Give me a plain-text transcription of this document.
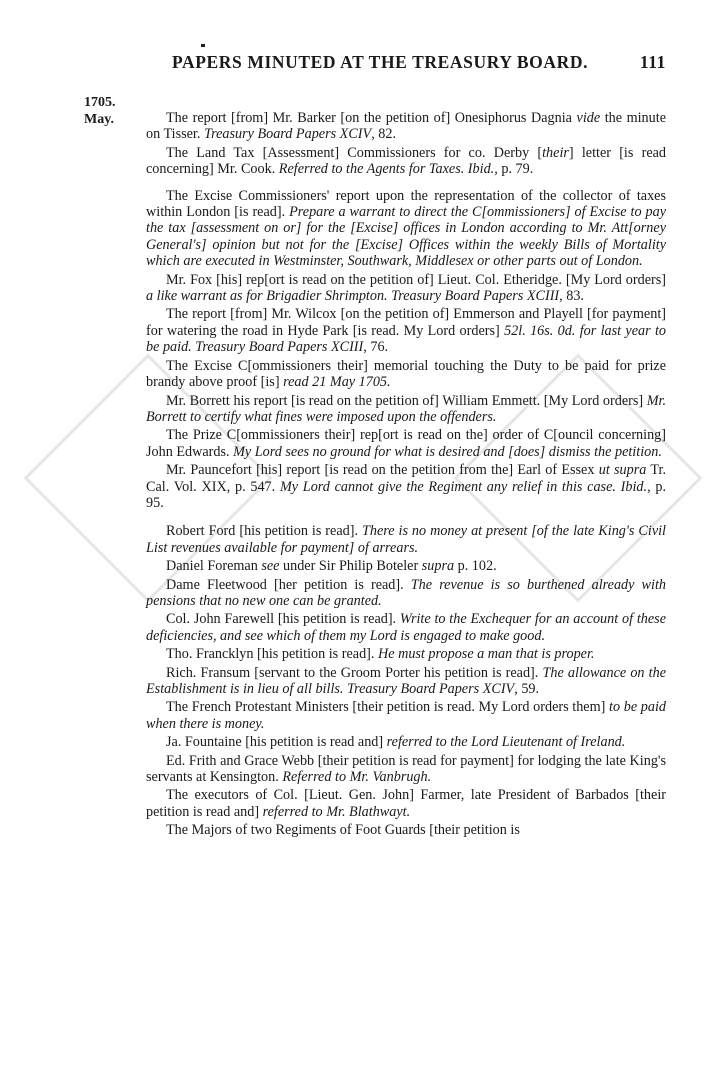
PAPERS MINUTED AT THE TREASURY BOARD.	111
1705.
May.	The report [from] Mr. Barker [on the petition of] Onesiphorus Dagnia vide the minute on Tisser. Treasury Board Papers XCIV, 82.

The Land Tax [Assessment] Commissioners for co. Derby [their] letter [is read concerning] Mr. Cook. Referred to the Agents for Taxes. Ibid., p. 79.

The Excise Commissioners' report upon the representation of the collector of taxes within London [is read]. Prepare a warrant to direct the C[ommissioners] of Excise to pay the tax [assessment on or] for the [Excise] offices in London according to Mr. Att[orney General's] opinion but not for the [Excise] Offices within the weekly Bills of Mortality which are executed in Westminster, Southwark, Middlesex or other parts out of London.

Mr. Fox [his] rep[ort is read on the petition of] Lieut. Col. Etheridge. [My Lord orders] a like warrant as for Brigadier Shrimpton. Treasury Board Papers XCIII, 83.

The report [from] Mr. Wilcox [on the petition of] Emmerson and Playell [for payment] for watering the road in Hyde Park [is read. My Lord orders] 52l. 16s. 0d. for last year to be paid. Treasury Board Papers XCIII, 76.

The Excise C[ommissioners their] memorial touching the Duty to be paid for prize brandy above proof [is] read 21 May 1705.

Mr. Borrett his report [is read on the petition of] William Emmett. [My Lord orders] Mr. Borrett to certify what fines were imposed upon the offenders.

The Prize C[ommissioners their] rep[ort is read on the] order of C[ouncil concerning] John Edwards. My Lord sees no ground for what is desired and [does] dismiss the petition.

Mr. Pauncefort [his] report [is read on the petition from the] Earl of Essex ut supra Tr. Cal. Vol. XIX, p. 547. My Lord cannot give the Regiment any relief in this case. Ibid., p. 95.

Robert Ford [his petition is read]. There is no money at present [of the late King's Civil List revenues available for payment] of arrears.

Daniel Foreman see under Sir Philip Boteler supra p. 102.

Dame Fleetwood [her petition is read]. The revenue is so burthened already with pensions that no new one can be granted.

Col. John Farewell [his petition is read]. Write to the Exchequer for an account of these deficiencies, and see which of them my Lord is engaged to make good.

Tho. Francklyn [his petition is read]. He must propose a man that is proper.

Rich. Fransum [servant to the Groom Porter his petition is read]. The allowance on the Establishment is in lieu of all bills. Treasury Board Papers XCIV, 59.

The French Protestant Ministers [their petition is read. My Lord orders them] to be paid when there is money.

Ja. Fountaine [his petition is read and] referred to the Lord Lieutenant of Ireland.

Ed. Frith and Grace Webb [their petition is read for payment] for lodging the late King's servants at Kensington. Referred to Mr. Vanbrugh.

The executors of Col. [Lieut. Gen. John] Farmer, late President of Barbados [their petition is read and] referred to Mr. Blathwayt.

The Majors of two Regiments of Foot Guards [their petition is
